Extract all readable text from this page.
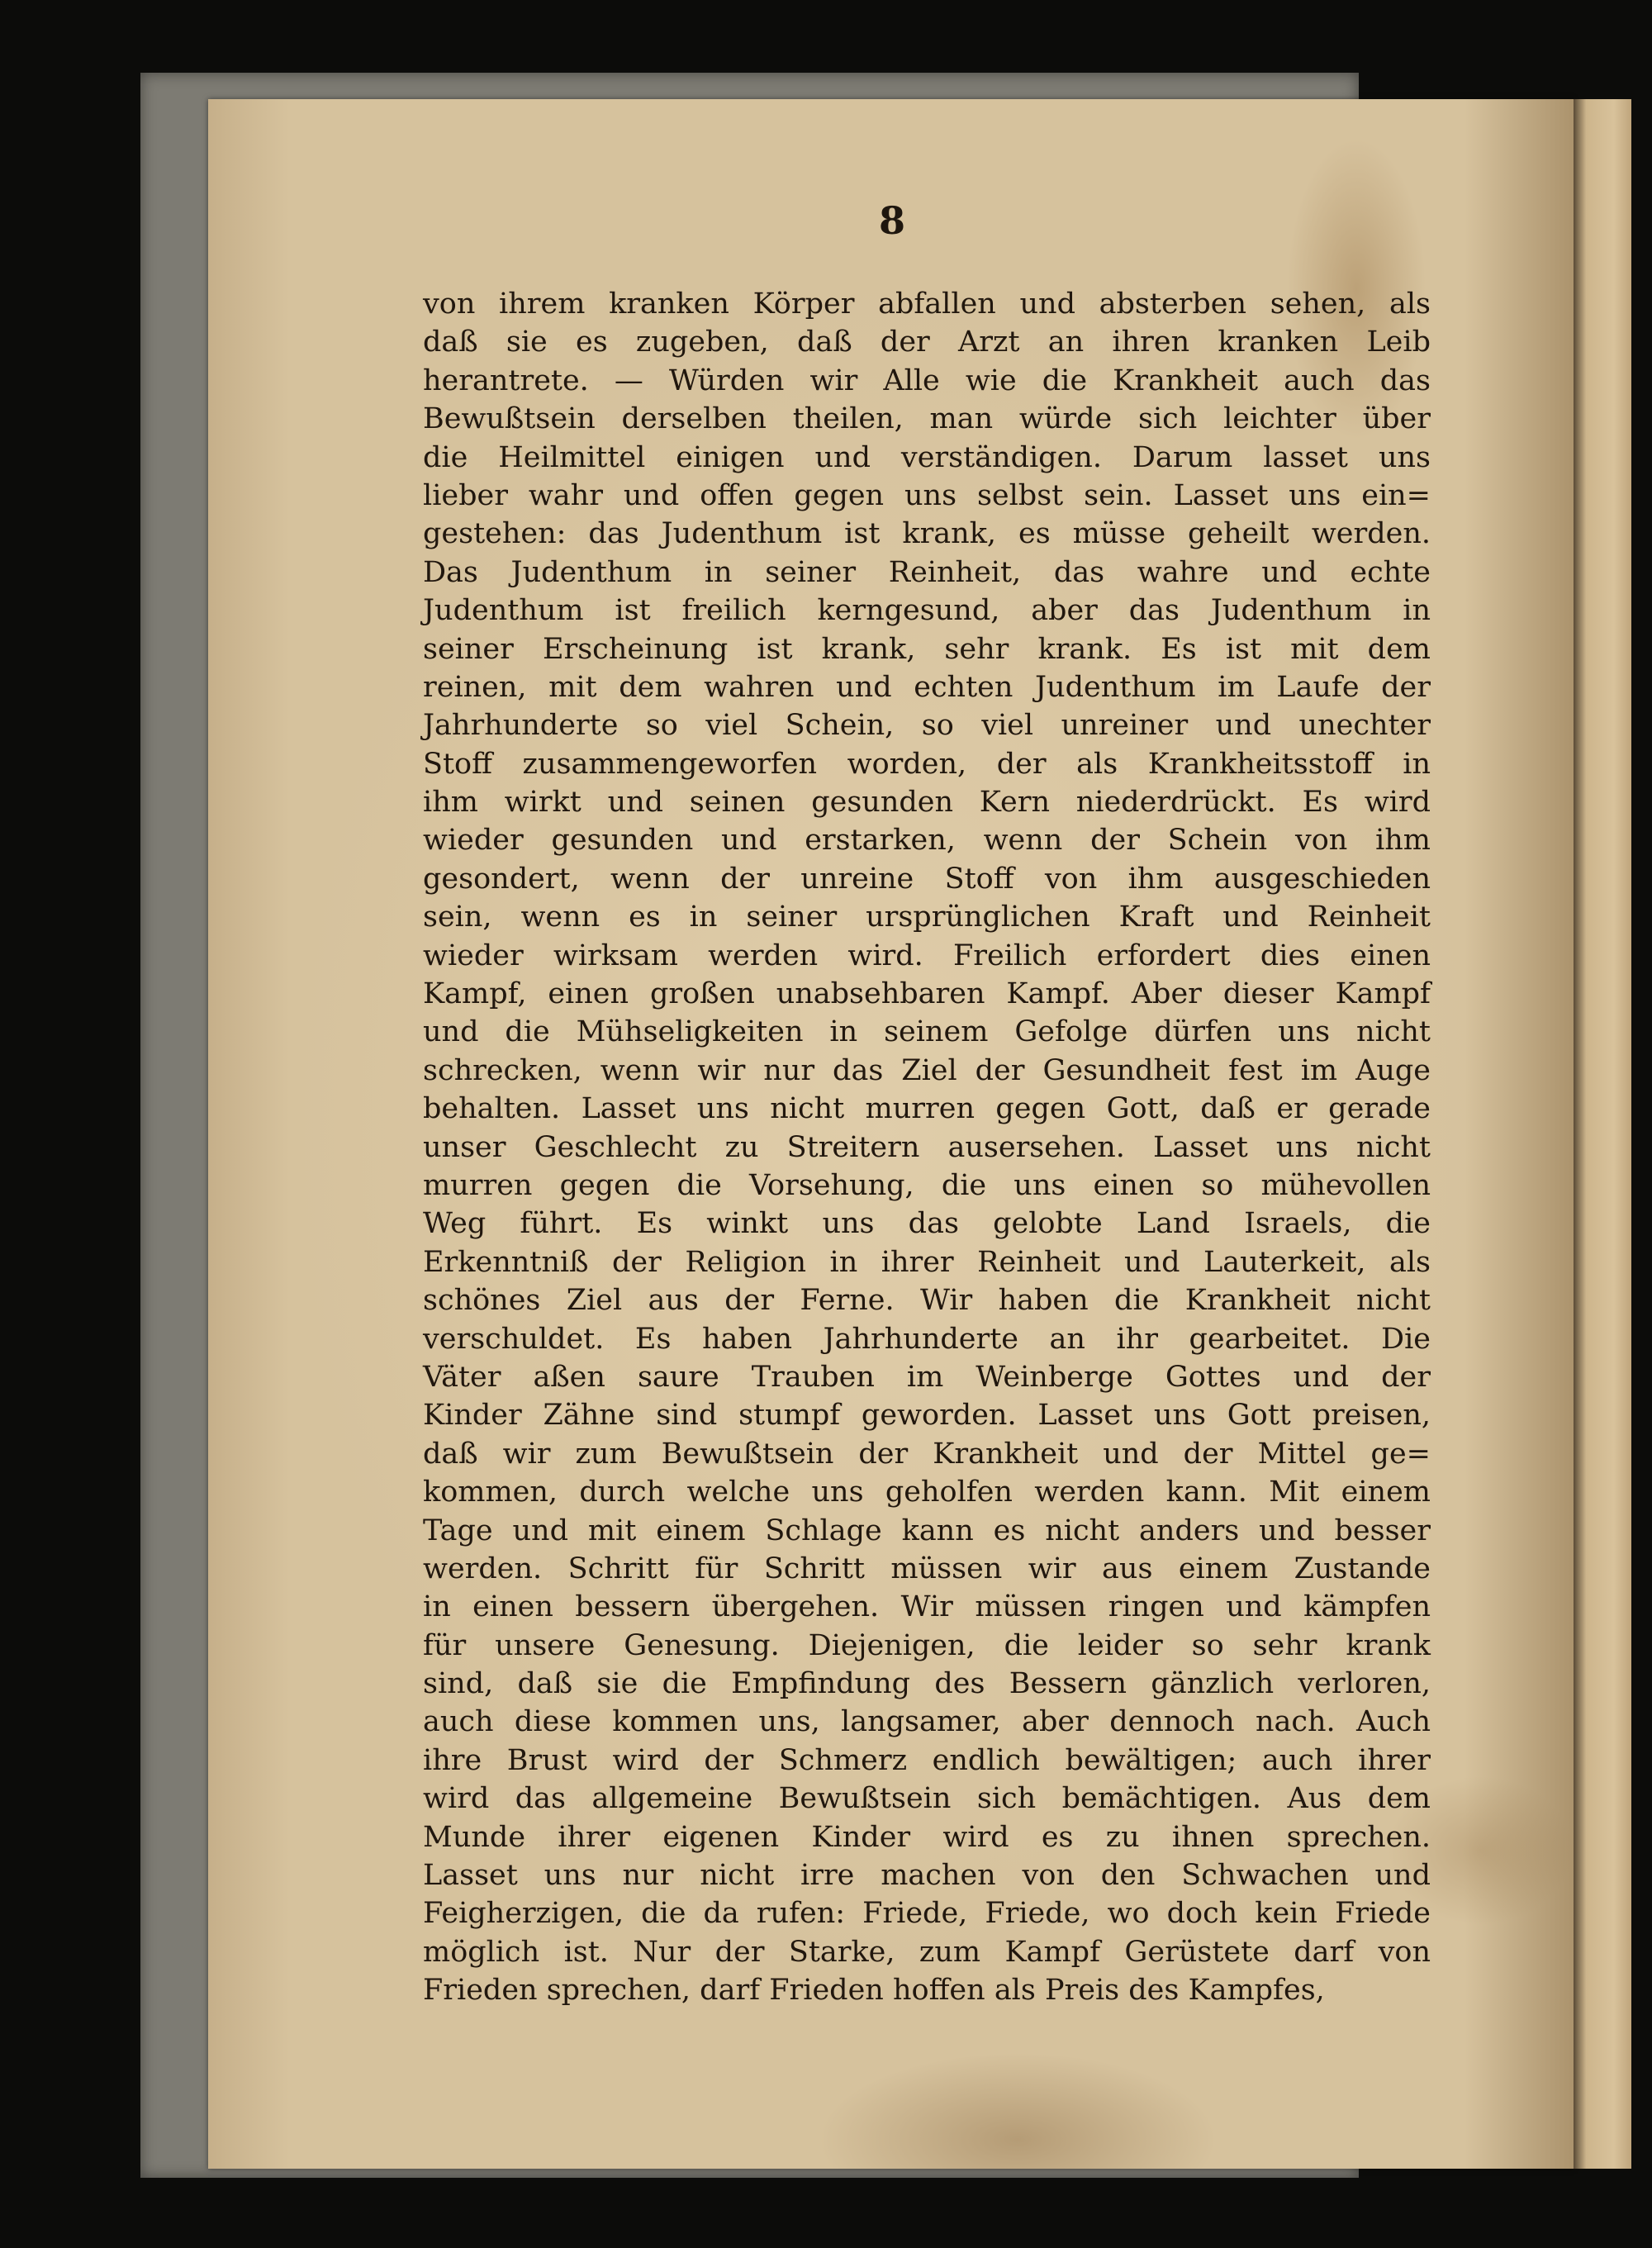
8
von ihrem kranken Körper abfallen und absterben sehen, als
daß sie es zugeben, daß der Arzt an ihren kranken Leib
herantrete. — Würden wir Alle wie die Krankheit auch das
Bewußtsein derselben theilen, man würde sich leichter über
die Heilmittel einigen und verständigen. Darum lasset uns
lieber wahr und offen gegen uns selbst sein. Lasset uns ein=
gestehen: das Judenthum ist krank, es müsse geheilt werden.
Das Judenthum in seiner Reinheit, das wahre und echte
Judenthum ist freilich kerngesund, aber das Judenthum in
seiner Erscheinung ist krank, sehr krank. Es ist mit dem
reinen, mit dem wahren und echten Judenthum im Laufe der
Jahrhunderte so viel Schein, so viel unreiner und unechter
Stoff zusammengeworfen worden, der als Krankheitsstoff in
ihm wirkt und seinen gesunden Kern niederdrückt. Es wird
wieder gesunden und erstarken, wenn der Schein von ihm
gesondert, wenn der unreine Stoff von ihm ausgeschieden
sein, wenn es in seiner ursprünglichen Kraft und Reinheit
wieder wirksam werden wird. Freilich erfordert dies einen
Kampf, einen großen unabsehbaren Kampf. Aber dieser Kampf
und die Mühseligkeiten in seinem Gefolge dürfen uns nicht
schrecken, wenn wir nur das Ziel der Gesundheit fest im Auge
behalten. Lasset uns nicht murren gegen Gott, daß er gerade
unser Geschlecht zu Streitern ausersehen. Lasset uns nicht
murren gegen die Vorsehung, die uns einen so mühevollen
Weg führt. Es winkt uns das gelobte Land Israels, die
Erkenntniß der Religion in ihrer Reinheit und Lauterkeit, als
schönes Ziel aus der Ferne. Wir haben die Krankheit nicht
verschuldet. Es haben Jahrhunderte an ihr gearbeitet. Die
Väter aßen saure Trauben im Weinberge Gottes und der
Kinder Zähne sind stumpf geworden. Lasset uns Gott preisen,
daß wir zum Bewußtsein der Krankheit und der Mittel ge=
kommen, durch welche uns geholfen werden kann. Mit einem
Tage und mit einem Schlage kann es nicht anders und besser
werden. Schritt für Schritt müssen wir aus einem Zustande
in einen bessern übergehen. Wir müssen ringen und kämpfen
für unsere Genesung. Diejenigen, die leider so sehr krank
sind, daß sie die Empfindung des Bessern gänzlich verloren,
auch diese kommen uns, langsamer, aber dennoch nach. Auch
ihre Brust wird der Schmerz endlich bewältigen; auch ihrer
wird das allgemeine Bewußtsein sich bemächtigen. Aus dem
Munde ihrer eigenen Kinder wird es zu ihnen sprechen.
Lasset uns nur nicht irre machen von den Schwachen und
Feigherzigen, die da rufen: Friede, Friede, wo doch kein Friede
möglich ist. Nur der Starke, zum Kampf Gerüstete darf von
Frieden sprechen, darf Frieden hoffen als Preis des Kampfes,
